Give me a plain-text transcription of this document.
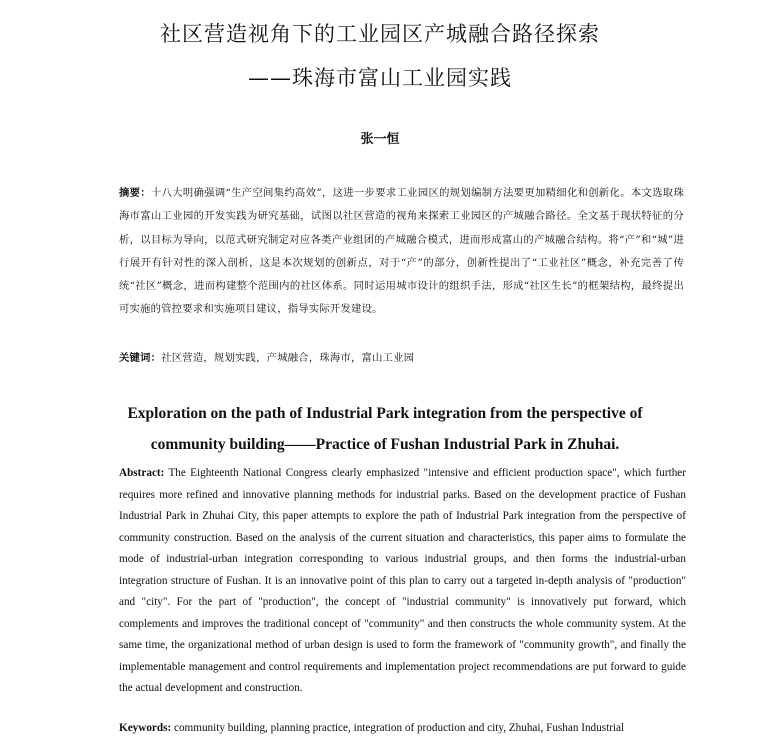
社区营造视角下的工业园区产城融合路径探索
——珠海市富山工业园实践
张一恒
摘要：十八大明确强调“生产空间集约高效”，这进一步要求工业园区的规划编制方法要更加精细化和创新化。本文选取珠海市富山工业园的开发实践为研究基础，试图以社区营造的视角来探索工业园区的产城融合路径。全文基于现状特征的分析，以目标为导向，以范式研究制定对应各类产业组团的产城融合模式，进而形成富山的产城融合结构。将“产”和“城”进行展开有针对性的深入剖析，这是本次规划的创新点，对于“产”的部分，创新性提出了“工业社区”概念，补充完善了传统“社区”概念，进而构建整个范围内的社区体系。同时运用城市设计的组织手法，形成“社区生长”的框架结构，最终提出可实施的管控要求和实施项目建议，指导实际开发建设。
关键词：社区营造，规划实践，产城融合，珠海市，富山工业园
Exploration on the path of Industrial Park integration from the perspective of community building——Practice of Fushan Industrial Park in Zhuhai.
Abstract: The Eighteenth National Congress clearly emphasized "intensive and efficient production space", which further requires more refined and innovative planning methods for industrial parks. Based on the development practice of Fushan Industrial Park in Zhuhai City, this paper attempts to explore the path of Industrial Park integration from the perspective of community construction. Based on the analysis of the current situation and characteristics, this paper aims to formulate the mode of industrial-urban integration corresponding to various industrial groups, and then forms the industrial-urban integration structure of Fushan. It is an innovative point of this plan to carry out a targeted in-depth analysis of "production" and "city". For the part of "production", the concept of "industrial community" is innovatively put forward, which complements and improves the traditional concept of "community" and then constructs the whole community system. At the same time, the organizational method of urban design is used to form the framework of "community growth", and finally the implementable management and control requirements and implementation project recommendations are put forward to guide the actual development and construction.
Keywords: community building, planning practice, integration of production and city, Zhuhai, Fushan Industrial
